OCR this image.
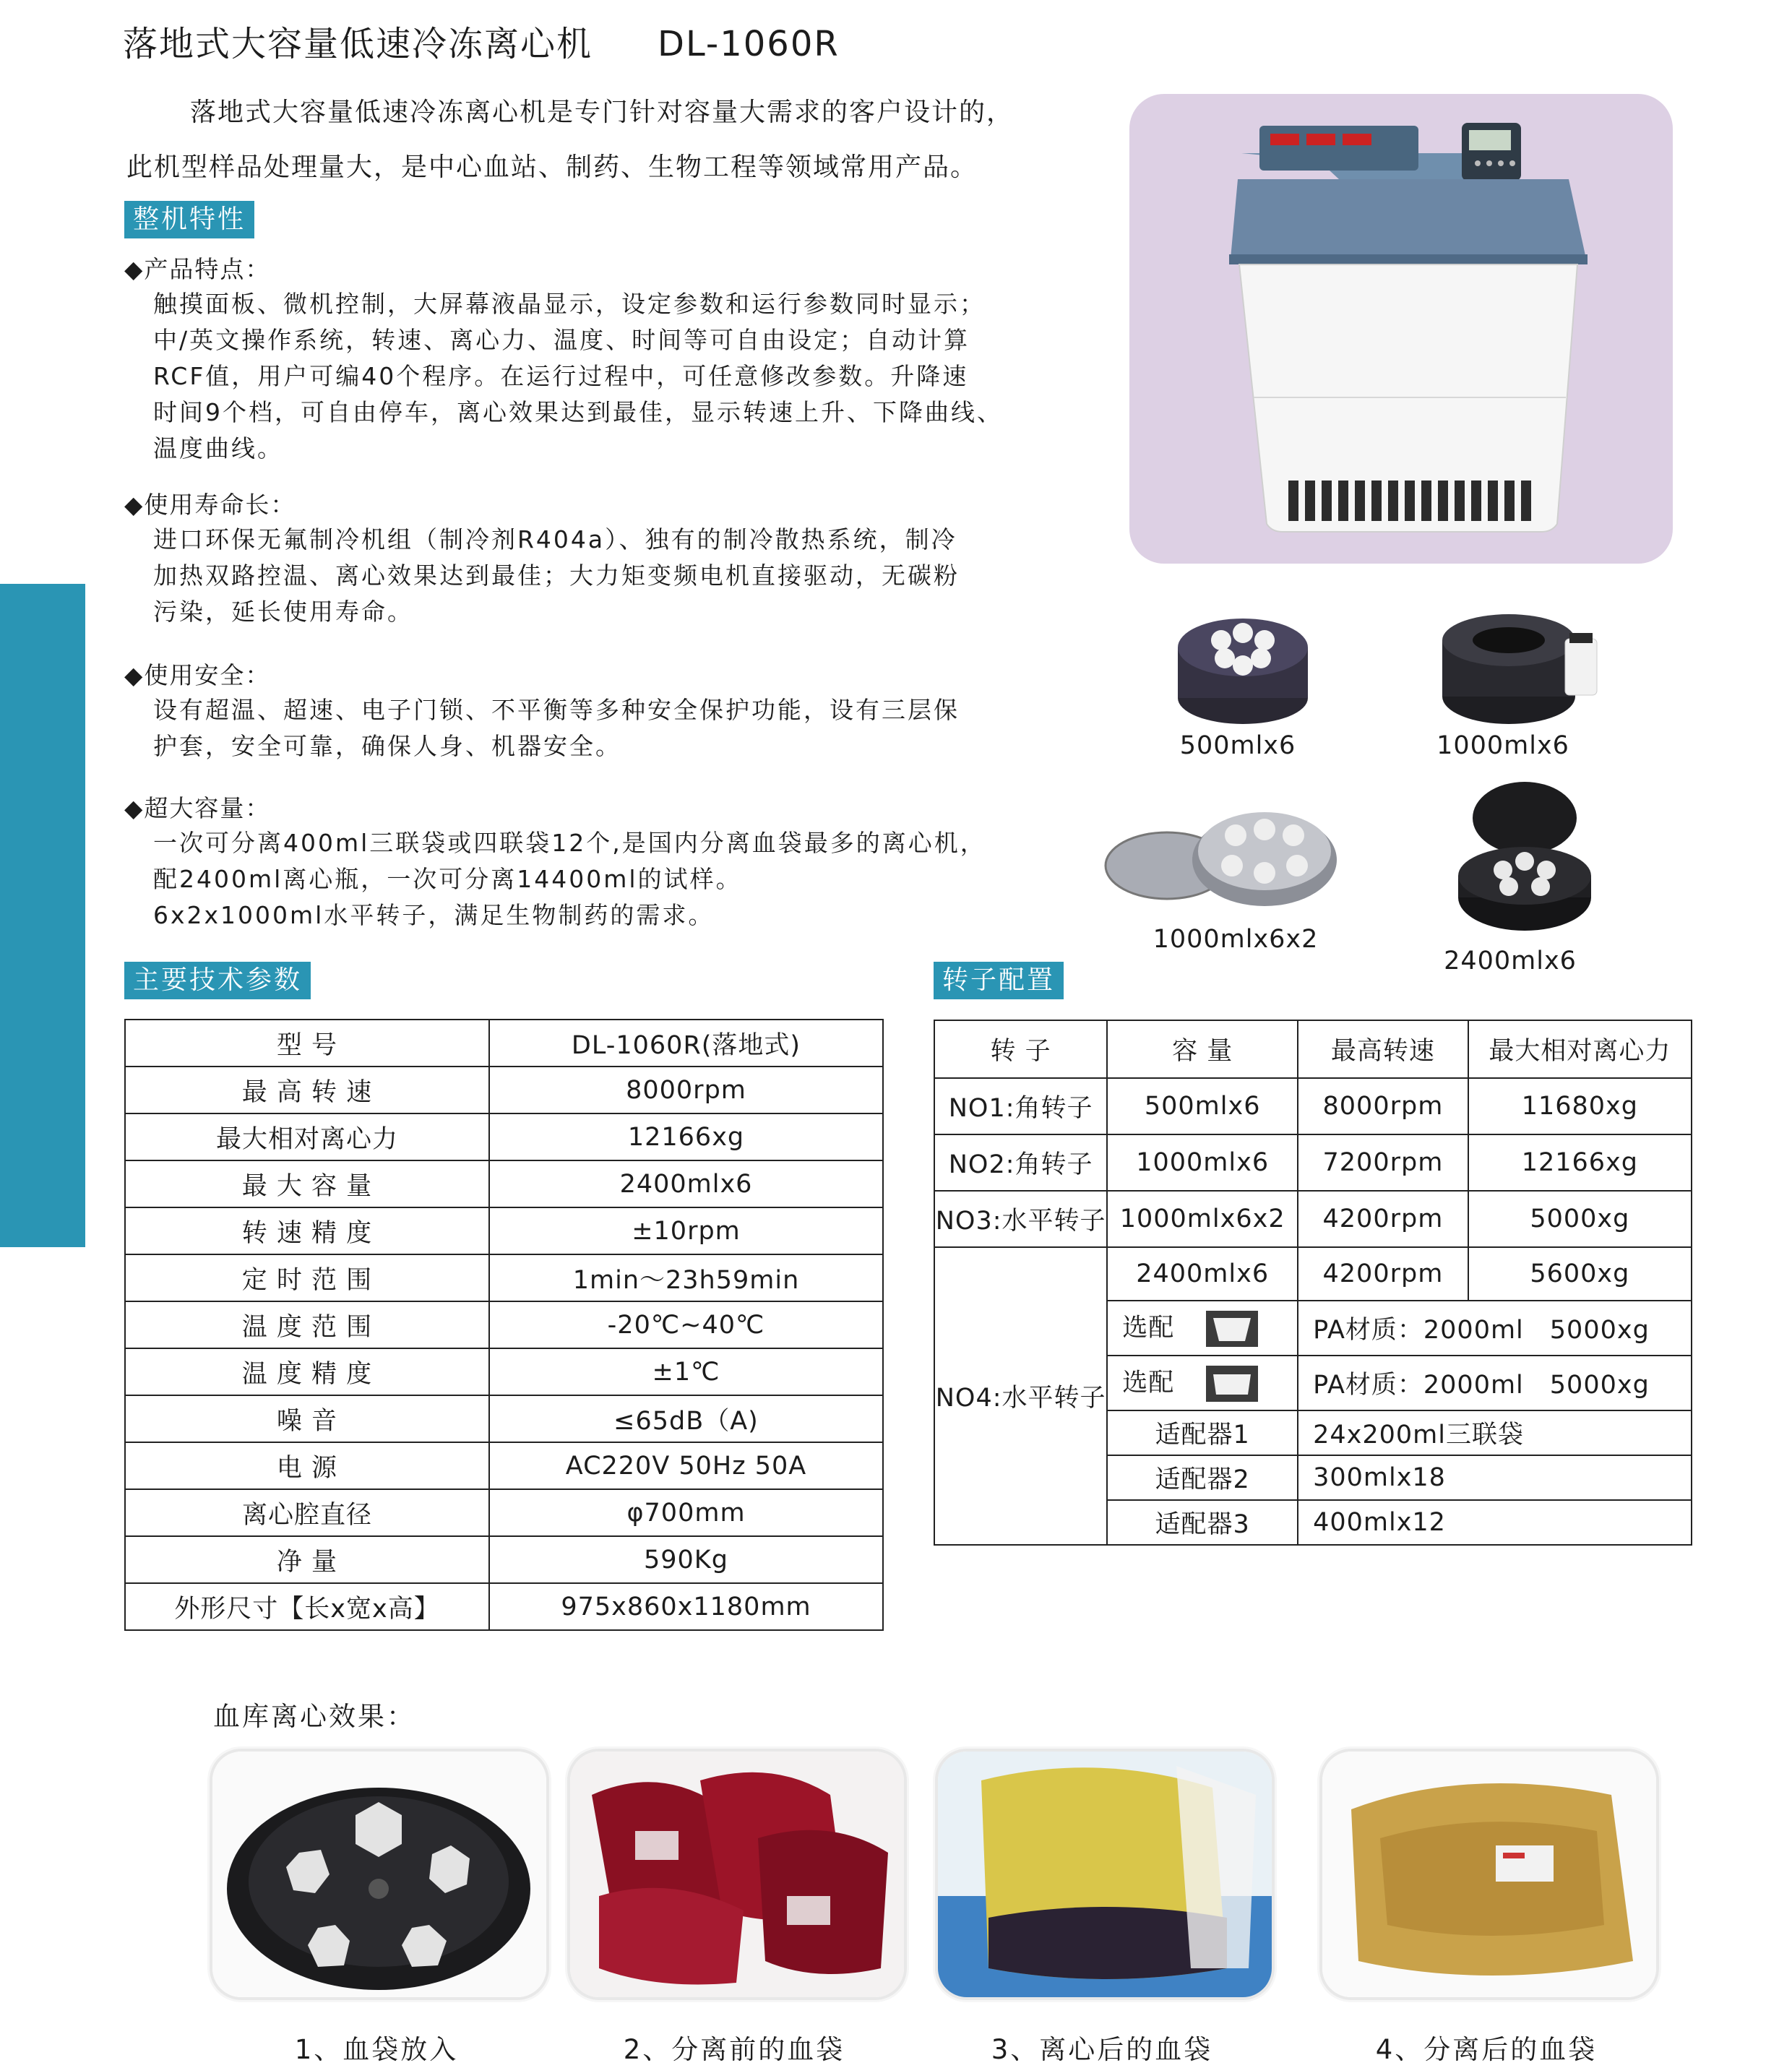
落地式大容量低速冷冻离心机 DL-1060R
落地式大容量低速冷冻离心机是专门针对容量大需求的客户设计的，
此机型样品处理量大，是中心血站、制药、生物工程等领域常用产品。
整机特性
◆产品特点：
触摸面板、微机控制，大屏幕液晶显示，设定参数和运行参数同时显示；
中/英文操作系统，转速、离心力、温度、时间等可自由设定；自动计算
RCF值，用户可编40个程序。在运行过程中，可任意修改参数。升降速
时间9个档，可自由停车，离心效果达到最佳，显示转速上升、下降曲线、
温度曲线。
◆使用寿命长：
进口环保无氟制冷机组（制冷剂R404a）、独有的制冷散热系统，制冷
加热双路控温、离心效果达到最佳；大力矩变频电机直接驱动，无碳粉
污染，延长使用寿命。
◆使用安全：
设有超温、超速、电子门锁、不平衡等多种安全保护功能，设有三层保
护套，安全可靠，确保人身、机器安全。
◆超大容量：
一次可分离400ml三联袋或四联袋12个,是国内分离血袋最多的离心机，
配2400ml离心瓶，一次可分离14400ml的试样。
6x2x1000ml水平转子，满足生物制药的需求。
500mlx6	1000mlx6
1000mlx6x2
2400mlx6
主要技术参数
型 号	DL-1060R(落地式)
最 高 转 速	8000rpm
最大相对离心力	12166xg
最 大 容 量	2400mlx6
转 速 精 度	±10rpm
定 时 范 围	1min～23h59min
温 度 范 围	-20℃~40℃
温 度 精 度	±1℃
噪 音	≤65dB（A)
电 源	AC220V 50Hz 50A
离心腔直径	φ700mm
净 量	590Kg
外形尺寸【长x宽x高】	975x860x1180mm
转子配置
转 子	容 量	最高转速	最大相对离心力
NO1:角转子	500mlx6	8000rpm	11680xg
NO2:角转子	1000mlx6	7200rpm	12166xg
NO3:水平转子	1000mlx6x2	4200rpm	5000xg
NO4:水平转子	2400mlx6	4200rpm	5600xg
	选配	PA材质：2000ml 5000xg	
	选配	PA材质：2000ml 5000xg	
	适配器1	24x200ml三联袋	
	适配器2	300mlx18	
	适配器3	400mlx12	
血库离心效果：
1、血袋放入	2、分离前的血袋	3、离心后的血袋	4、分离后的血袋
